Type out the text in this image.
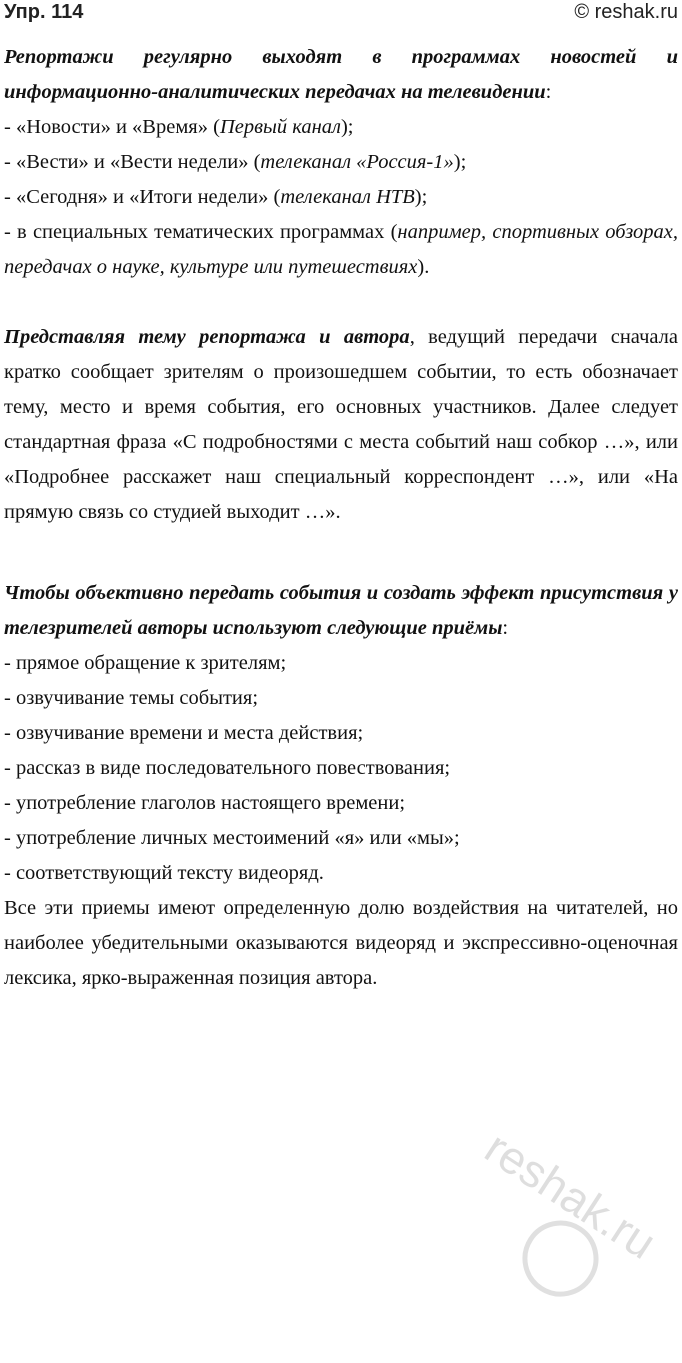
Упр. 114	© reshak.ru

Репортажи регулярно выходят в программах новостей и информационно-аналитических передачах на телевидении:

- «Новости» и «Время» (Первый канал);

- «Вести» и «Вести недели» (телеканал «Россия-1»);

- «Сегодня» и «Итоги недели» (телеканал НТВ);

- в специальных тематических программах (например, спортивных обзорах, передачах о науке, культуре или путешествиях).

Представляя тему репортажа и автора, ведущий передачи сначала кратко сообщает зрителям о произошедшем событии, то есть обозначает тему, место и время события, его основных участников. Далее следует стандартная фраза «С подробностями с места событий наш собкор …», или «Подробнее расскажет наш специальный корреспондент …», или «На прямую связь со студией выходит …».

Чтобы объективно передать события и создать эффект присутствия у телезрителей авторы используют следующие приёмы:

- прямое обращение к зрителям;

- озвучивание темы события;

- озвучивание времени и места действия;

- рассказ в виде последовательного повествования;

- употребление глаголов настоящего времени;

- употребление личных местоимений «я» или «мы»;

- соответствующий тексту видеоряд.

Все эти приемы имеют определенную долю воздействия на читателей, но наиболее убедительными оказываются видеоряд и экспрессивно-оценочная лексика, ярко-выраженная позиция автора.

reshak.ru
